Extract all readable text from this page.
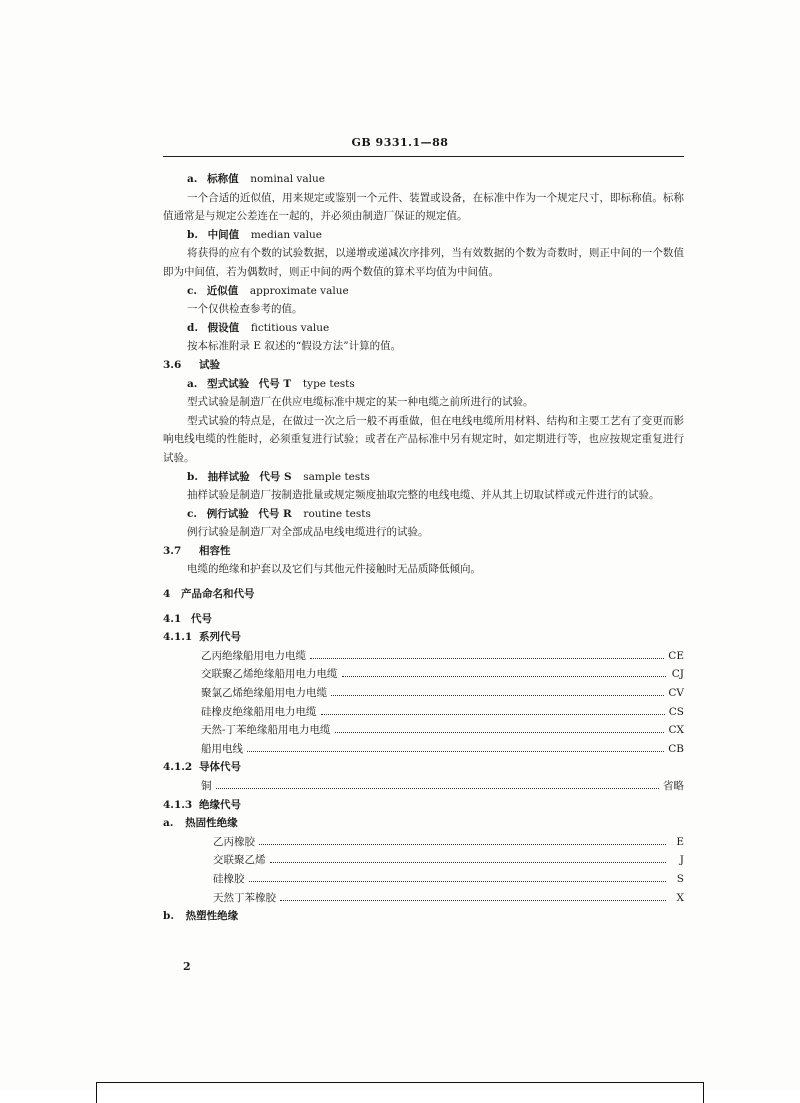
GB 9331.1—88
a. 标称值 nominal value
一个合适的近似值，用来规定或鉴别一个元件、装置或设备，在标准中作为一个规定尺寸，即标称值。标称值通常是与规定公差连在一起的，并必须由制造厂保证的规定值。
b. 中间值 median value
将获得的应有个数的试验数据，以递增或递减次序排列，当有效数据的个数为奇数时，则正中间的一个数值即为中间值，若为偶数时，则正中间的两个数值的算术平均值为中间值。
c. 近似值 approximate value
一个仅供检查参考的值。
d. 假设值 fictitious value
按本标准附录 E 叙述的“假设方法”计算的值。
3.6 试验
a. 型式试验 代号 T type tests
型式试验是制造厂在供应电缆标准中规定的某一种电缆之前所进行的试验。
型式试验的特点是，在做过一次之后一般不再重做，但在电线电缆所用材料、结构和主要工艺有了变更而影响电线电缆的性能时，必须重复进行试验；或者在产品标准中另有规定时，如定期进行等，也应按规定重复进行试验。
b. 抽样试验 代号 S sample tests
抽样试验是制造厂按制造批量或规定频度抽取完整的电线电缆、并从其上切取试样或元件进行的试验。
c. 例行试验 代号 R routine tests
例行试验是制造厂对全部成品电线电缆进行的试验。
3.7 相容性
电缆的绝缘和护套以及它们与其他元件接触时无品质降低倾向。
4 产品命名和代号
4.1 代号
4.1.1 系列代号
乙丙绝缘船用电力电缆	CE
交联聚乙烯绝缘船用电力电缆	CJ
聚氯乙烯绝缘船用电力电缆	CV
硅橡皮绝缘船用电力电缆	CS
天然-丁苯绝缘船用电力电缆	CX
船用电线	CB
4.1.2 导体代号
铜	省略
4.1.3 绝缘代号
a. 热固性绝缘
乙丙橡胶	E
交联聚乙烯	J
硅橡胶	S
天然丁苯橡胶	X
b. 热塑性绝缘
2
